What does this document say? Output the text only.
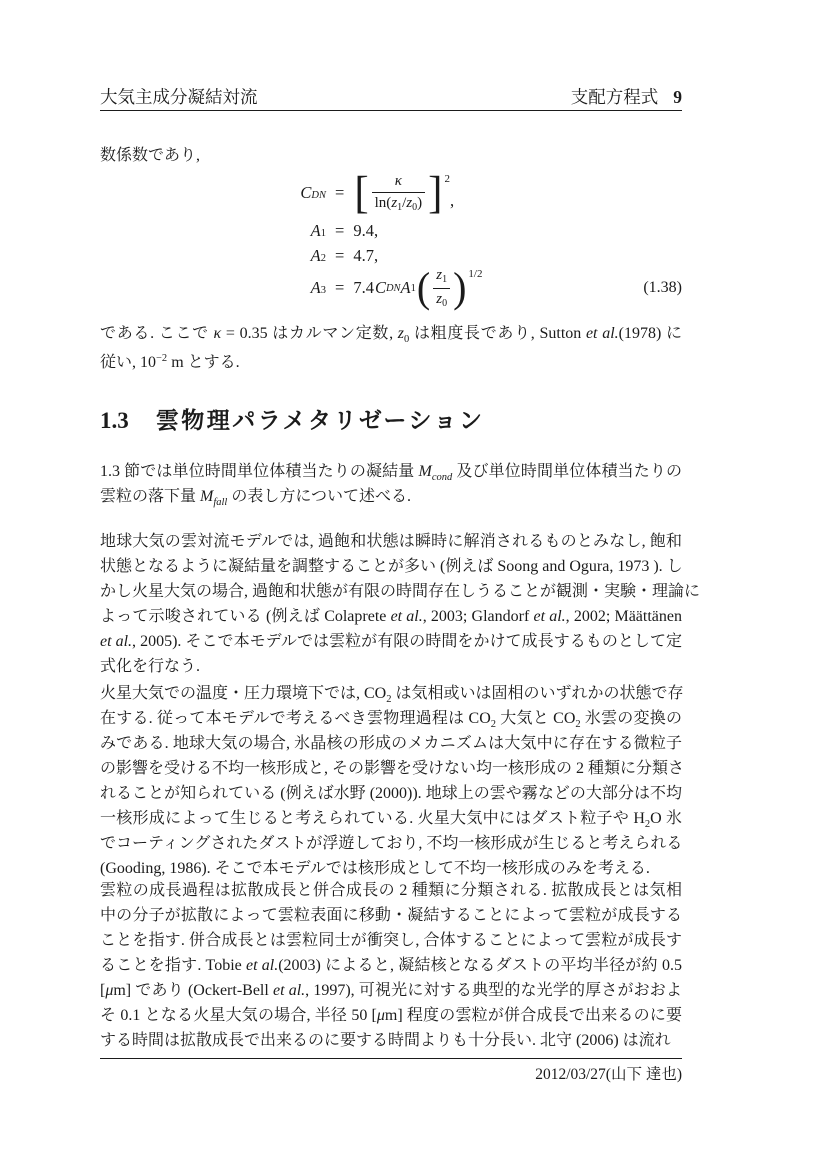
大気主成分凝結対流	支配方程式 9
数係数であり,
C DN = [ $\frac{\kappa}{\ln(z_1/z_0)}$ ] 2
,
A 1 = 9.4,
A 2 = 4.7,
A 3 = 7.4 C DN A 1 ( $\frac{z_1}{z_0}$ ) 1/2
(1.38)
である. ここで κ = 0.35 はカルマン定数, $z_0$ は粗度長であり, Sutton et al.(1978) に
従い, $10^{-2}$ m とする.
1.3 雲物理パラメタリゼーション
1.3 節では単位時間単位体積当たりの凝結量 $M_{cond}$ 及び単位時間単位体積当たりの
雲粒の落下量 $M_{fall}$ の表し方について述べる.
地球大気の雲対流モデルでは, 過飽和状態は瞬時に解消されるものとみなし, 飽和
状態となるように凝結量を調整することが多い (例えば Soong and Ogura, 1973 ). し
かし火星大気の場合, 過飽和状態が有限の時間存在しうることが観測・実験・理論に
よって示唆されている (例えば Colaprete et al., 2003; Glandorf et al., 2002; Määttänen
et al., 2005). そこで本モデルでは雲粒が有限の時間をかけて成長するものとして定
式化を行なう.
火星大気での温度・圧力環境下では, $CO_2$ は気相或いは固相のいずれかの状態で存
在する. 従って本モデルで考えるべき雲物理過程は $CO_2$ 大気と $CO_2$ 氷雲の変換の
みである. 地球大気の場合, 氷晶核の形成のメカニズムは大気中に存在する微粒子
の影響を受ける不均一核形成と, その影響を受けない均一核形成の 2 種類に分類さ
れることが知られている (例えば水野 (2000)). 地球上の雲や霧などの大部分は不均
一核形成によって生じると考えられている. 火星大気中にはダスト粒子や $H_2O$ 氷
でコーティングされたダストが浮遊しており, 不均一核形成が生じると考えられる
(Gooding, 1986). そこで本モデルでは核形成として不均一核形成のみを考える.
雲粒の成長過程は拡散成長と併合成長の 2 種類に分類される. 拡散成長とは気相
中の分子が拡散によって雲粒表面に移動・凝結することによって雲粒が成長する
ことを指す. 併合成長とは雲粒同士が衝突し, 合体することによって雲粒が成長す
ることを指す. Tobie et al.(2003) によると, 凝結核となるダストの平均半径が約 0.5
[μm] であり (Ockert-Bell et al., 1997), 可視光に対する典型的な光学的厚さがおおよ
そ 0.1 となる火星大気の場合, 半径 50 [μm] 程度の雲粒が併合成長で出来るのに要
する時間は拡散成長で出来るのに要する時間よりも十分長い. 北守 (2006) は流れ
2012/03/27(山下 達也)
